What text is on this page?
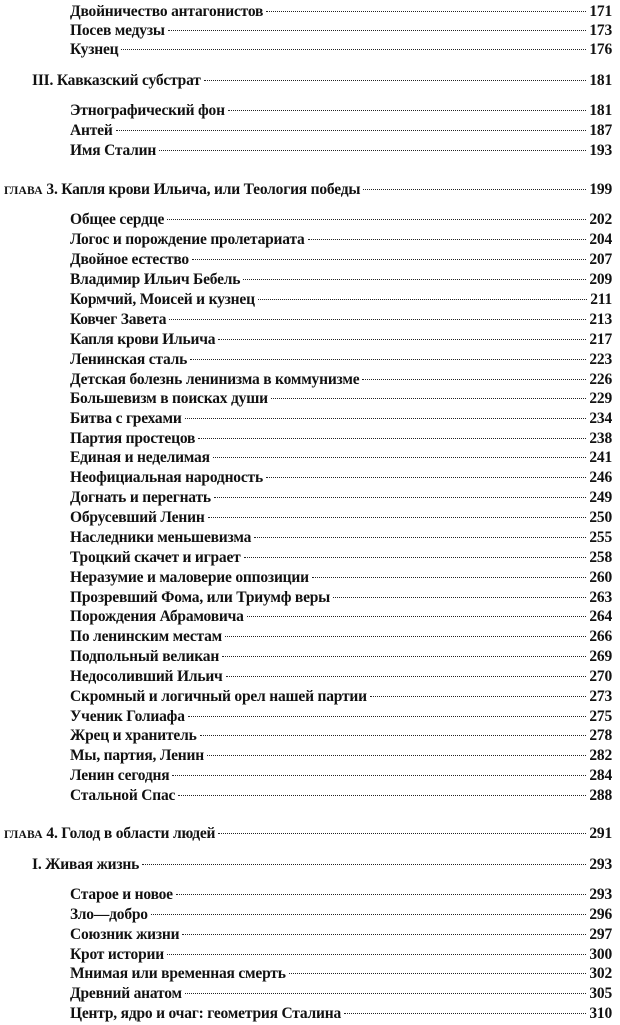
Двойничество антагонистов	171
Посев медузы	173
Кузнец	176
III. Кавказский субстрат	181
Этнографический фон	181
Антей	187
Имя Сталин	193
ГЛАВА 3. Капля крови Ильича, или Теология победы	199
Общее сердце	202
Логос и порождение пролетариата	204
Двойное естество	207
Владимир Ильич Бебель	209
Кормчий, Моисей и кузнец	211
Ковчег Завета	213
Капля крови Ильича	217
Ленинская сталь	223
Детская болезнь ленинизма в коммунизме	226
Большевизм в поисках души	229
Битва с грехами	234
Партия простецов	238
Единая и неделимая	241
Неофициальная народность	246
Догнать и перегнать	249
Обрусевший Ленин	250
Наследники меньшевизма	255
Троцкий скачет и играет	258
Неразумие и маловерие оппозиции	260
Прозревший Фома, или Триумф веры	263
Порождения Абрамовича	264
По ленинским местам	266
Подпольный великан	269
Недосоливший Ильич	270
Скромный и логичный орел нашей партии	273
Ученик Голиафа	275
Жрец и хранитель	278
Мы, партия, Ленин	282
Ленин сегодня	284
Стальной Спас	288
ГЛАВА 4. Голод в области людей	291
I. Живая жизнь	293
Старое и новое	293
Зло—добро	296
Союзник жизни	297
Крот истории	300
Мнимая или временная смерть	302
Древний анатом	305
Центр, ядро и очаг: геометрия Сталина	310
